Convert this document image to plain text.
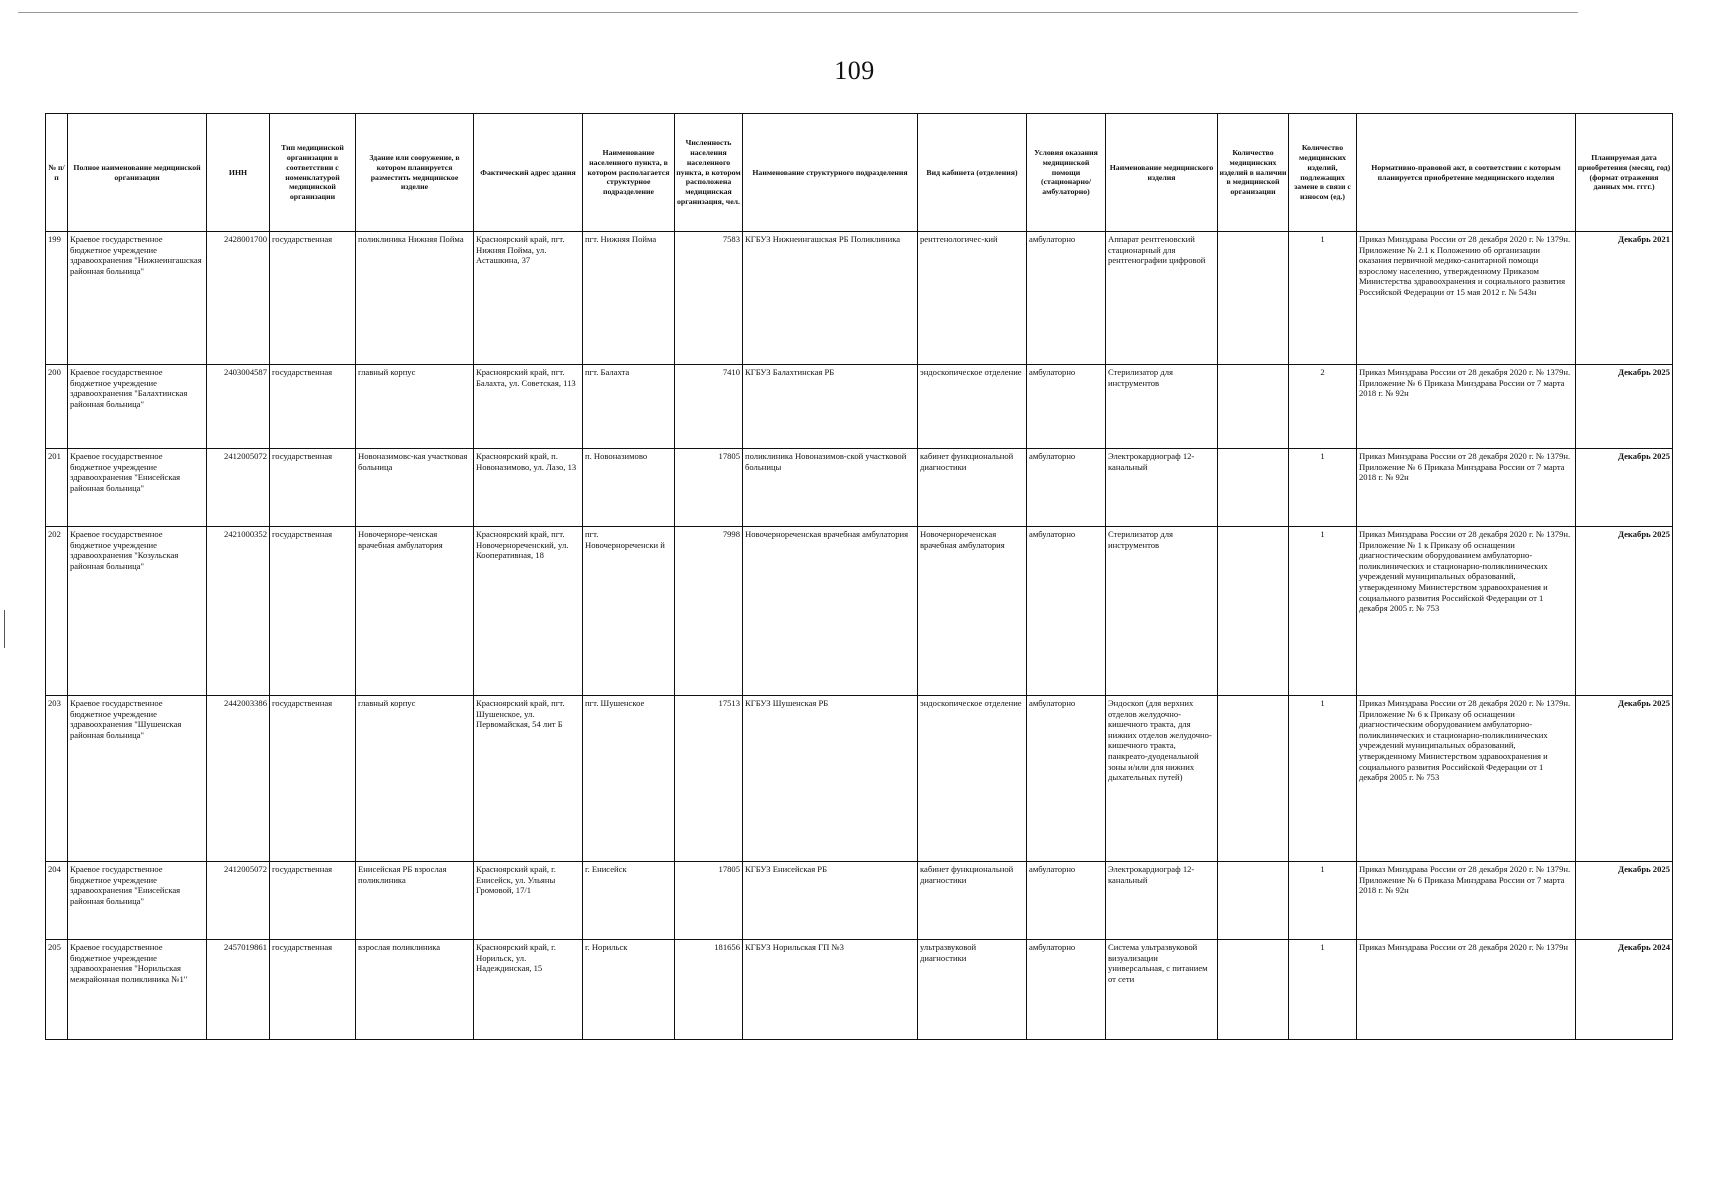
109
№ п/п	Полное наименование медицинской организации	ИНН	Тип медицинской организации в соответствии с номенклатурой медицинской организации	Здание или сооружение, в котором планируется разместить медицинское изделие	Фактический адрес здания	Наименование населенного пункта, в котором располагается структурное подразделение	Численность населения населенного пункта, в котором расположена медицинская организация, чел.	Наименование структурного подразделения	Вид кабинета (отделения)	Условия оказания медицинской помощи (стационарно/ амбулаторно)	Наименование медицинского изделия	Количество медицинских изделий в наличии в медицинской организации	Количество медицинских изделий, подлежащих замене в связи с износом (ед.)	Нормативно-правовой акт, в соответствии с которым планируется приобретение медицинского изделия	Планируемая дата приобретения (месяц, год) (формат отражения данных мм. гггг.)
199	Краевое государственное бюджетное учреждение здравоохранения "Нижнеингашская районная больница"	2428001700	государственная	поликлиника Нижняя Пойма	Красноярский край, пгт. Нижняя Пойма, ул. Асташкина, 37	пгт. Нижняя Пойма	7583	КГБУЗ Нижнеингашская РБ Поликлиника	рентгенологичес-кий	амбулаторно	Аппарат рентгеновский стационарный для рентгенографии цифровой		1	Приказ Минздрава России от 28 декабря 2020 г. № 1379н. Приложение № 2.1 к Положению об организации оказания первичной медико-санитарной помощи взрослому населению, утвержденному Приказом Министерства здравоохранения и социального развития Российской Федерации от 15 мая 2012 г. № 543н	Декабрь 2021
200	Краевое государственное бюджетное учреждение здравоохранения "Балахтинская районная больница"	2403004587	государственная	главный корпус	Красноярский край, пгт. Балахта, ул. Советская, 113	пгт. Балахта	7410	КГБУЗ Балахтинская РБ	эндоскопическое отделение	амбулаторно	Стерилизатор для инструментов		2	Приказ Минздрава России от 28 декабря 2020 г. № 1379н. Приложение № 6 Приказа Минздрава России от 7 марта 2018 г. № 92н	Декабрь 2025
201	Краевое государственное бюджетное учреждение здравоохранения "Енисейская районная больница"	2412005072	государственная	Новоназимовс-кая участковая больница	Красноярский край, п. Новоназимово, ул. Лазо, 13	п. Новоназимово	17805	поликлиника Новоназимов-ской участковой больницы	кабинет функциональной диагностики	амбулаторно	Электрокардиограф 12-канальный		1	Приказ Минздрава России от 28 декабря 2020 г. № 1379н. Приложение № 6 Приказа Минздрава России от 7 марта 2018 г. № 92н	Декабрь 2025
202	Краевое государственное бюджетное учреждение здравоохранения "Козульская районная больница"	2421000352	государственная	Новочерноре-ченская врачебная амбулатория	Красноярский край, пгт. Новочернореченский, ул. Кооперативная, 18	пгт. Новочернореченски й	7998	Новочернореченская врачебная амбулатория	Новочернореченская врачебная амбулатория	амбулаторно	Стерилизатор для инструментов		1	Приказ Минздрава России от 28 декабря 2020 г. № 1379н. Приложение № 1 к Приказу об оснащении диагностическим оборудованием амбулаторно-поликлинических и стационарно-поликлинических учреждений муниципальных образований, утвержденному Министерством здравоохранения и социального развития Российской Федерации от 1 декабря 2005 г. № 753	Декабрь 2025
203	Краевое государственное бюджетное учреждение здравоохранения "Шушенская районная больница"	2442003386	государственная	главный корпус	Красноярский край, пгт. Шушенское, ул. Первомайская, 54 лит Б	пгт. Шушенское	17513	КГБУЗ Шушенская РБ	эндоскопическое отделение	амбулаторно	Эндоскоп (для верхних отделов желудочно-кишечного тракта, для нижних отделов желудочно-кишечного тракта, панкреато-дуоденальной зоны и/или для нижних дыхательных путей)		1	Приказ Минздрава России от 28 декабря 2020 г. № 1379н. Приложение № 6 к Приказу об оснащении диагностическим оборудованием амбулаторно-поликлинических и стационарно-поликлинических учреждений муниципальных образований, утвержденному Министерством здравоохранения и социального развития Российской Федерации от 1 декабря 2005 г. № 753	Декабрь 2025
204	Краевое государственное бюджетное учреждение здравоохранения "Енисейская районная больница"	2412005072	государственная	Енисейская РБ взрослая поликлиника	Красноярский край, г. Енисейск, ул. Ульяны Громовой, 17/1	г. Енисейск	17805	КГБУЗ Енисейская РБ	кабинет функциональной диагностики	амбулаторно	Электрокардиограф 12-канальный		1	Приказ Минздрава России от 28 декабря 2020 г. № 1379н. Приложение № 6 Приказа Минздрава России от 7 марта 2018 г. № 92н	Декабрь 2025
205	Краевое государственное бюджетное учреждение здравоохранения "Норильская межрайонная поликлиника №1"	2457019861	государственная	взрослая поликлиника	Красноярский край, г. Норильск, ул. Надеждинская, 15	г. Норильск	181656	КГБУЗ Норильская ГП №3	ультразвуковой диагностики	амбулаторно	Система ультразвуковой визуализации универсальная, с питанием от сети		1	Приказ Минздрава России от 28 декабря 2020 г. № 1379н	Декабрь 2024
